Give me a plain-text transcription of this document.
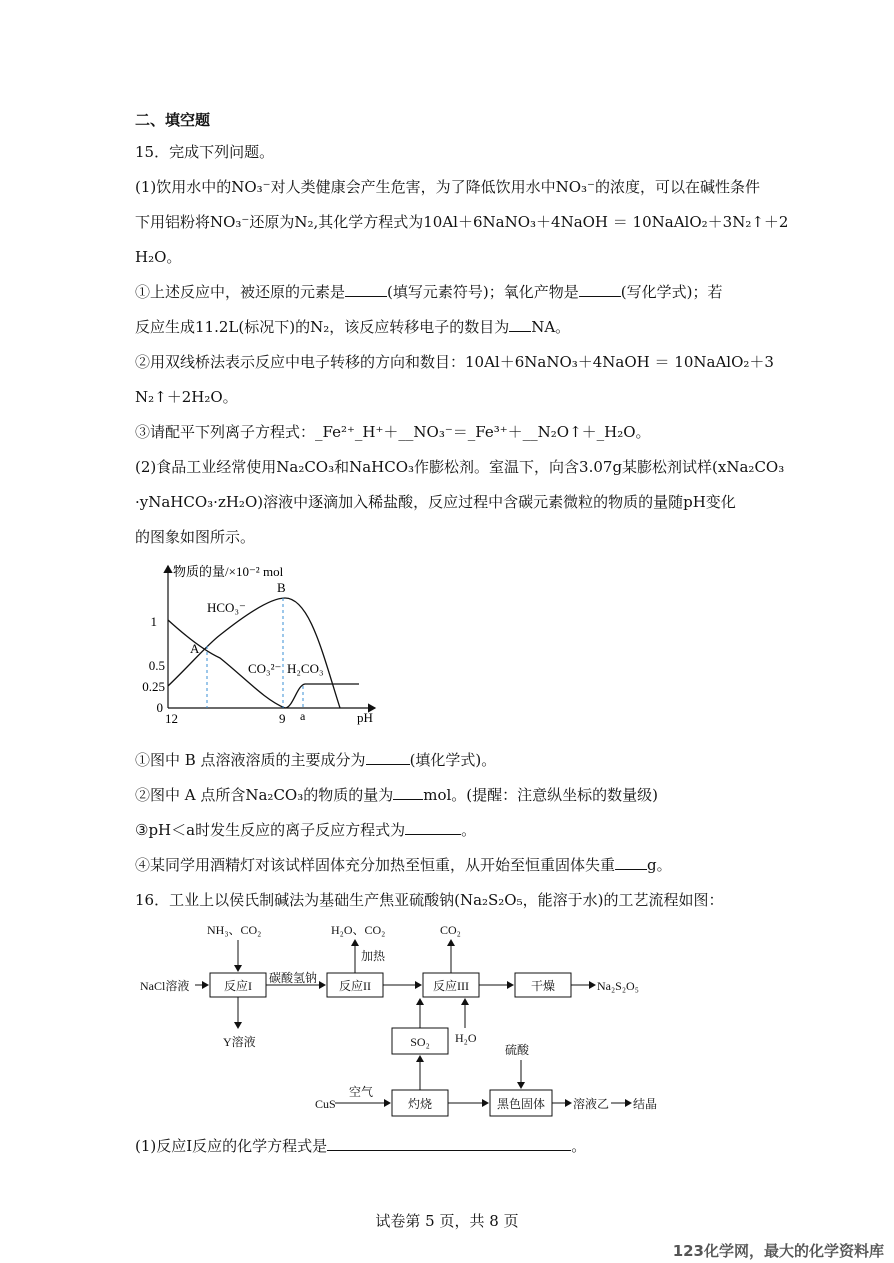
二、填空题
15．完成下列问题。
(1)饮用水中的NO₃⁻对人类健康会产生危害，为了降低饮用水中NO₃⁻的浓度，可以在碱性条件
下用铝粉将NO₃⁻还原为N₂,其化学方程式为10Al＋6NaNO₃＋4NaOH ＝ 10NaAlO₂＋3N₂↑＋2
H₂O。
①上述反应中，被还原的元素是	(填写元素符号)；氧化产物是	(写化学式)；若
反应生成11.2L(标况下)的N₂，该反应转移电子的数目为 NA。
②用双线桥法表示反应中电子转移的方向和数目：10Al＋6NaNO₃＋4NaOH ＝ 10NaAlO₂＋3
N₂↑＋2H₂O。
③请配平下列离子方程式：_Fe²⁺_H⁺＋__NO₃⁻＝_Fe³⁺＋__N₂O↑＋_H₂O。
(2)食品工业经常使用Na₂CO₃和NaHCO₃作膨松剂。室温下，向含3.07g某膨松剂试样(xNa₂CO₃
·yNaHCO₃·zH₂O)溶液中逐滴加入稀盐酸，反应过程中含碳元素微粒的物质的量随pH变化
的图象如图所示。
物质的量/×10⁻² mol
pH
1
0.5
0.25
0
12	9 a
A
B
HCO₃⁻
CO₃²⁻ H₂CO₃
①图中 B 点溶液溶质的主要成分为	(填化学式)。
②图中 A 点所含Na₂CO₃的物质的量为 mol。(提醒：注意纵坐标的数量级)
③pH＜a时发生反应的离子反应方程式为	。
④某同学用酒精灯对该试样固体充分加热至恒重，从开始至恒重固体失重 g。
16．工业上以侯氏制碱法为基础生产焦亚硫酸钠(Na₂S₂O₅，能溶于水)的工艺流程如图：
NH₃、CO₂
NaCl溶液	反应I
碳酸氢钠
反应II
H₂O、CO₂
加热
反应III
CO₂
干燥	Na₂S₂O₅
Y溶液	SO₂ H₂O
硫酸
CuS
空气
灼烧	黑色固体 溶液乙 结晶
(1)反应I反应的化学方程式是	。
试卷第 5 页，共 8 页
123化学网，最大的化学资料库
